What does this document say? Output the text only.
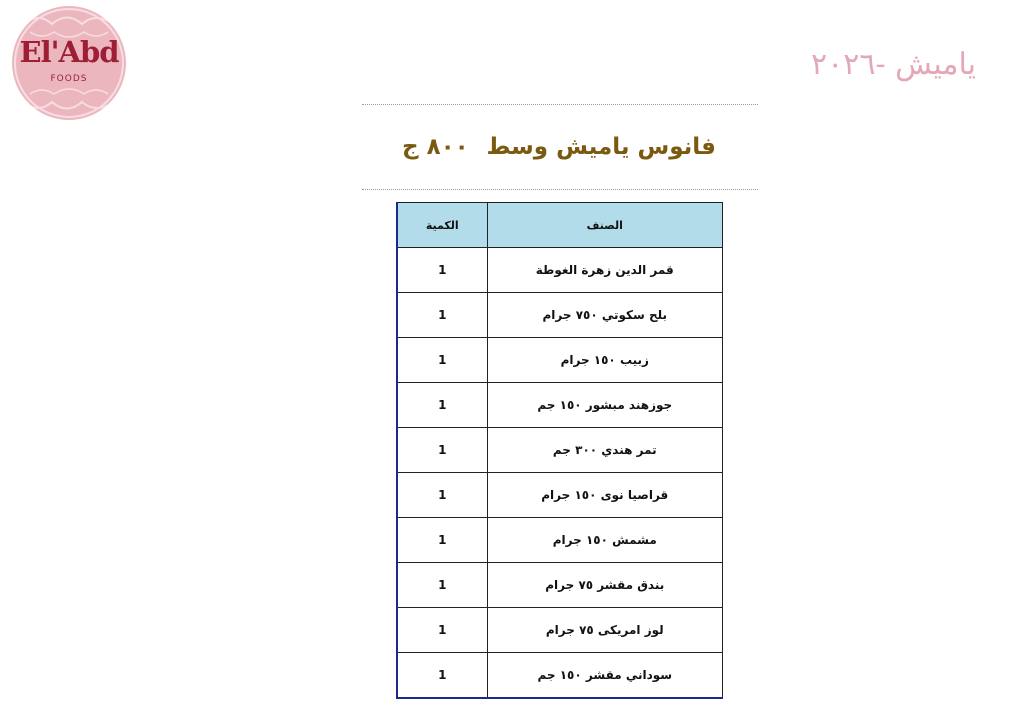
El'Abd
FOODS	ياميش -٢٠٢٦
فانوس ياميش وسط
٨٠٠ ج
الصنف	الكمية
قمر الدين زهرة الغوطة	1
بلح سكوتي ٧٥٠ جرام	1
زبيب ١٥٠ جرام	1
جوزهند مبشور ١٥٠ جم	1
تمر هندي ٣٠٠ جم	1
قراصيا نوى ١٥٠ جرام	1
مشمش ١٥٠ جرام	1
بندق مقشر ٧٥ جرام	1
لوز امريكى ٧٥ جرام	1
سوداني مقشر ١٥٠ جم	1
